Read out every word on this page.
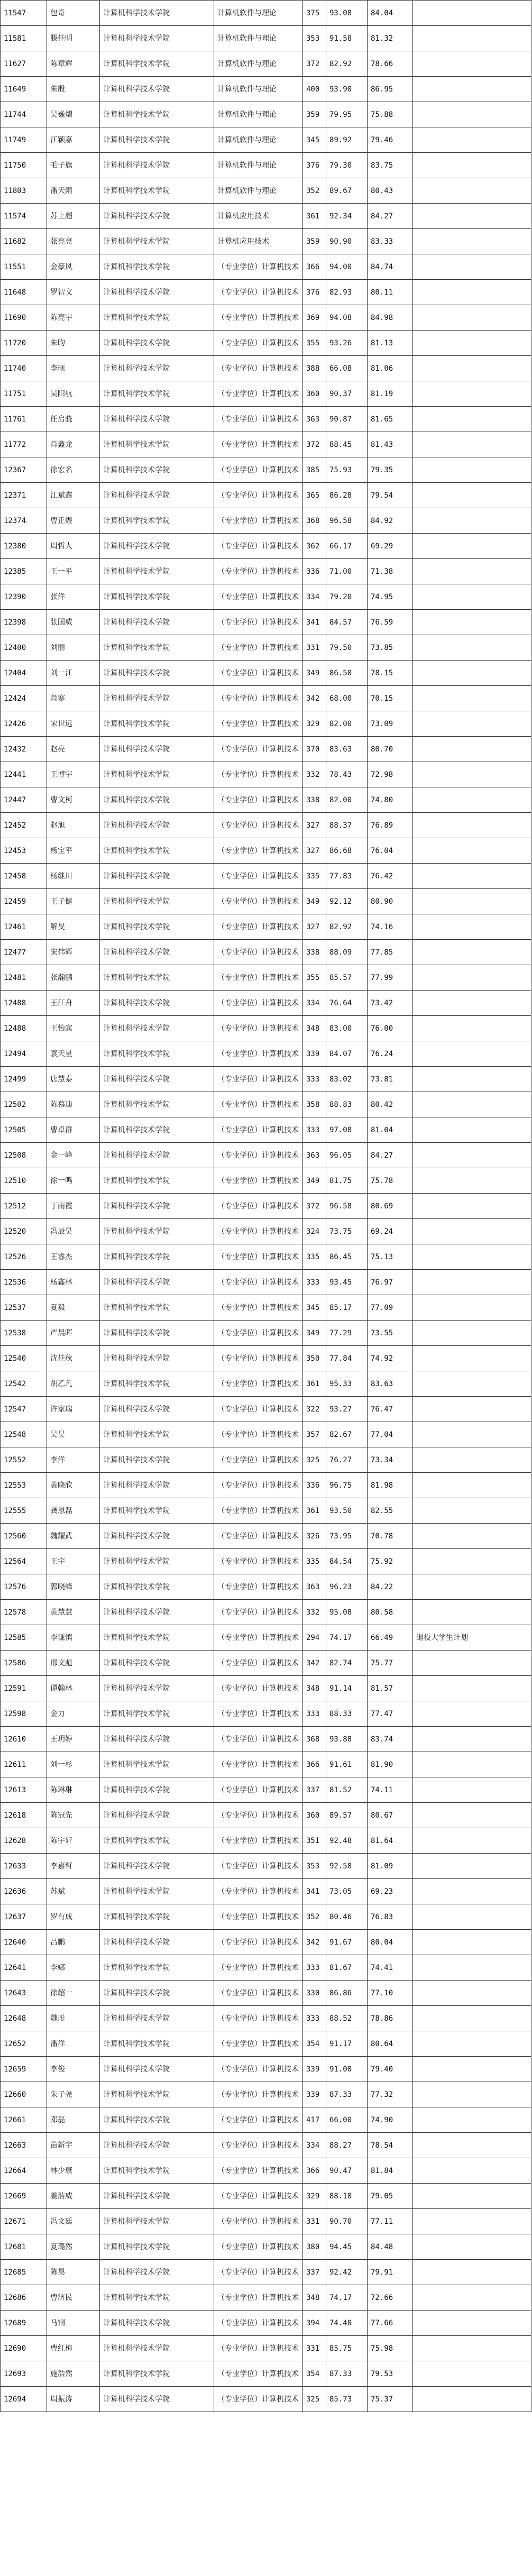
11547	包奇	计算机科学技术学院	计算机软件与理论	375	93.08	84.04	
11581	滕佳明	计算机科学技术学院	计算机软件与理论	353	91.58	81.32	
11627	陈章辉	计算机科学技术学院	计算机软件与理论	372	82.92	78.66	
11649	朱殷	计算机科学技术学院	计算机软件与理论	400	93.90	86.95	
11744	吴巍熠	计算机科学技术学院	计算机软件与理论	359	79.95	75.88	
11749	江颖嘉	计算机科学技术学院	计算机软件与理论	345	89.92	79.46	
11750	毛子旗	计算机科学技术学院	计算机软件与理论	376	79.30	83.75	
11803	潘天雨	计算机科学技术学院	计算机软件与理论	352	89.67	80.43	
11574	苏上超	计算机科学技术学院	计算机应用技术	361	92.34	84.27	
11682	张亮亮	计算机科学技术学院	计算机应用技术	359	90.90	83.33	
11551	金豪风	计算机科学技术学院	（专业学位）计算机技术	366	94.00	84.74	
11648	罗智文	计算机科学技术学院	（专业学位）计算机技术	376	82.93	80.11	
11690	陈亮宇	计算机科学技术学院	（专业学位）计算机技术	369	94.08	84.98	
11720	朱昀	计算机科学技术学院	（专业学位）计算机技术	355	93.26	81.13	
11740	李硕	计算机科学技术学院	（专业学位）计算机技术	388	66.08	81.06	
11751	吴阳航	计算机科学技术学院	（专业学位）计算机技术	360	90.37	81.19	
11761	任启骁	计算机科学技术学院	（专业学位）计算机技术	363	90.87	81.65	
11772	肖鑫龙	计算机科学技术学院	（专业学位）计算机技术	372	88.45	81.43	
12367	徐宏名	计算机科学技术学院	（专业学位）计算机技术	385	75.93	79.35	
12371	江斌鑫	计算机科学技术学院	（专业学位）计算机技术	365	86.28	79.54	
12374	曹正煜	计算机科学技术学院	（专业学位）计算机技术	368	96.58	84.92	
12380	周哲人	计算机科学技术学院	（专业学位）计算机技术	362	66.17	69.29	
12385	王一平	计算机科学技术学院	（专业学位）计算机技术	336	71.00	71.38	
12390	张洋	计算机科学技术学院	（专业学位）计算机技术	334	79.20	74.95	
12398	张国威	计算机科学技术学院	（专业学位）计算机技术	341	84.57	76.59	
12400	刘丽	计算机科学技术学院	（专业学位）计算机技术	331	79.50	73.85	
12404	刘一江	计算机科学技术学院	（专业学位）计算机技术	349	86.50	78.15	
12424	肖寒	计算机科学技术学院	（专业学位）计算机技术	342	68.00	70.15	
12426	宋世远	计算机科学技术学院	（专业学位）计算机技术	329	82.00	73.09	
12432	赵亮	计算机科学技术学院	（专业学位）计算机技术	370	83.63	80.70	
12441	王博宇	计算机科学技术学院	（专业学位）计算机技术	332	78.43	72.98	
12447	曹文柯	计算机科学技术学院	（专业学位）计算机技术	338	82.00	74.80	
12452	赵旭	计算机科学技术学院	（专业学位）计算机技术	327	88.37	76.89	
12453	杨宝平	计算机科学技术学院	（专业学位）计算机技术	327	86.68	76.04	
12458	杨继川	计算机科学技术学院	（专业学位）计算机技术	335	77.83	76.42	
12459	王子健	计算机科学技术学院	（专业学位）计算机技术	349	92.12	80.90	
12461	解旻	计算机科学技术学院	（专业学位）计算机技术	327	82.92	74.16	
12477	宋伟辉	计算机科学技术学院	（专业学位）计算机技术	338	88.09	77.85	
12481	张瀚鹏	计算机科学技术学院	（专业学位）计算机技术	355	85.57	77.99	
12488	王江舟	计算机科学技术学院	（专业学位）计算机技术	334	76.64	73.42	
12488	王怡宾	计算机科学技术学院	（专业学位）计算机技术	348	83.00	76.00	
12494	袁天星	计算机科学技术学院	（专业学位）计算机技术	339	84.07	76.24	
12499	唐慧泰	计算机科学技术学院	（专业学位）计算机技术	333	83.02	73.81	
12502	陈慕迪	计算机科学技术学院	（专业学位）计算机技术	358	88.83	80.42	
12505	曹卓群	计算机科学技术学院	（专业学位）计算机技术	333	97.08	81.04	
12508	金一峰	计算机科学技术学院	（专业学位）计算机技术	363	96.05	84.27	
12510	徐一鸣	计算机科学技术学院	（专业学位）计算机技术	349	81.75	75.78	
12512	丁雨霞	计算机科学技术学院	（专业学位）计算机技术	372	96.58	80.69	
12520	冯辰昊	计算机科学技术学院	（专业学位）计算机技术	324	73.75	69.24	
12526	王睿杰	计算机科学技术学院	（专业学位）计算机技术	335	86.45	75.13	
12536	杨鑫林	计算机科学技术学院	（专业学位）计算机技术	333	93.45	76.97	
12537	夏毅	计算机科学技术学院	（专业学位）计算机技术	345	85.17	77.09	
12538	严晨晖	计算机科学技术学院	（专业学位）计算机技术	349	77.29	73.55	
12540	沈佳秋	计算机科学技术学院	（专业学位）计算机技术	350	77.84	74.92	
12542	胡乙凡	计算机科学技术学院	（专业学位）计算机技术	361	95.33	83.63	
12547	许家瑞	计算机科学技术学院	（专业学位）计算机技术	322	93.27	76.47	
12548	吴昊	计算机科学技术学院	（专业学位）计算机技术	357	82.67	77.04	
12552	李洋	计算机科学技术学院	（专业学位）计算机技术	325	76.27	73.34	
12553	黄晓欣	计算机科学技术学院	（专业学位）计算机技术	336	96.75	81.98	
12555	龚恩磊	计算机科学技术学院	（专业学位）计算机技术	361	93.50	82.55	
12560	魏耀武	计算机科学技术学院	（专业学位）计算机技术	326	73.95	70.78	
12564	王宇	计算机科学技术学院	（专业学位）计算机技术	335	84.54	75.92	
12576	郭晓峰	计算机科学技术学院	（专业学位）计算机技术	363	96.23	84.22	
12578	黄慧慧	计算机科学技术学院	（专业学位）计算机技术	332	95.08	80.58	
12585	李谦慎	计算机科学技术学院	（专业学位）计算机技术	294	74.17	66.49	退役大学生计划
12586	邢文彪	计算机科学技术学院	（专业学位）计算机技术	342	82.74	75.77	
12591	谭翰林	计算机科学技术学院	（专业学位）计算机技术	348	91.14	81.57	
12598	金力	计算机科学技术学院	（专业学位）计算机技术	333	88.33	77.47	
12610	王玥婷	计算机科学技术学院	（专业学位）计算机技术	368	93.88	83.74	
12611	刘一杉	计算机科学技术学院	（专业学位）计算机技术	366	91.61	81.90	
12613	陈琳琳	计算机科学技术学院	（专业学位）计算机技术	337	81.52	74.11	
12618	陈冠先	计算机科学技术学院	（专业学位）计算机技术	360	89.57	80.67	
12628	陈宇轩	计算机科学技术学院	（专业学位）计算机技术	351	92.48	81.64	
12633	李嘉哲	计算机科学技术学院	（专业学位）计算机技术	353	92.58	81.09	
12636	苏斌	计算机科学技术学院	（专业学位）计算机技术	341	73.05	69.23	
12637	罗有成	计算机科学技术学院	（专业学位）计算机技术	352	80.46	76.83	
12640	吕鹏	计算机科学技术学院	（专业学位）计算机技术	342	91.67	80.04	
12641	李娜	计算机科学技术学院	（专业学位）计算机技术	333	81.67	74.41	
12643	徐超一	计算机科学技术学院	（专业学位）计算机技术	330	86.86	77.10	
12648	魏彤	计算机科学技术学院	（专业学位）计算机技术	333	88.52	78.86	
12652	潘洋	计算机科学技术学院	（专业学位）计算机技术	354	91.17	80.64	
12659	李俊	计算机科学技术学院	（专业学位）计算机技术	339	91.00	79.40	
12660	朱子尧	计算机科学技术学院	（专业学位）计算机技术	339	87.33	77.32	
12661	邓磊	计算机科学技术学院	（专业学位）计算机技术	417	66.00	74.90	
12663	苗新宇	计算机科学技术学院	（专业学位）计算机技术	334	88.27	78.54	
12664	林少康	计算机科学技术学院	（专业学位）计算机技术	366	90.47	81.84	
12669	姜浩威	计算机科学技术学院	（专业学位）计算机技术	329	88.10	79.05	
12671	冯文廷	计算机科学技术学院	（专业学位）计算机技术	331	90.70	77.11	
12681	夏璐然	计算机科学技术学院	（专业学位）计算机技术	380	94.45	84.48	
12685	陈昊	计算机科学技术学院	（专业学位）计算机技术	337	92.42	79.91	
12686	曹济民	计算机科学技术学院	（专业学位）计算机技术	348	74.17	72.66	
12689	马钢	计算机科学技术学院	（专业学位）计算机技术	394	74.40	77.66	
12690	曹红梅	计算机科学技术学院	（专业学位）计算机技术	331	85.75	75.98	
12693	施浩然	计算机科学技术学院	（专业学位）计算机技术	354	87.33	79.53	
12694	周振涛	计算机科学技术学院	（专业学位）计算机技术	325	85.73	75.37	
